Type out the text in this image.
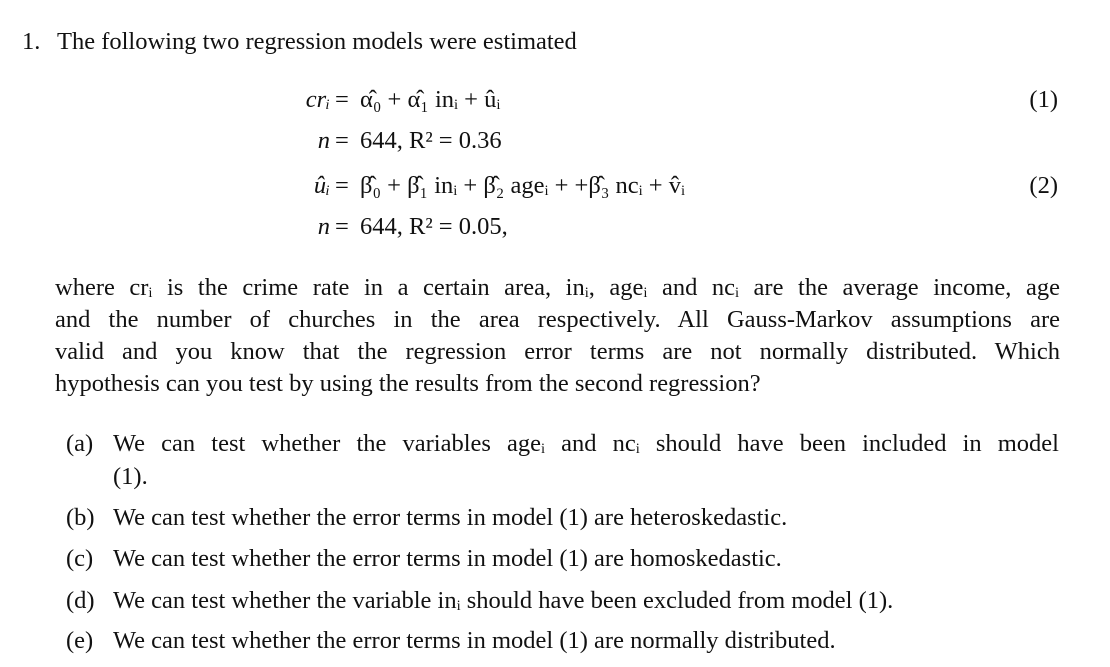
1. The following two regression models were estimated
crᵢ = α̂₀ + α̂₁ inᵢ + ûᵢ	(1)
n = 644, R² = 0.36
ûᵢ = β̂₀ + β̂₁ inᵢ + β̂₂ ageᵢ + +β̂₃ ncᵢ + v̂ᵢ	(2)
n = 644, R² = 0.05,
where crᵢ is the crime rate in a certain area, inᵢ, ageᵢ and ncᵢ are the average income, age
and the number of churches in the area respectively. All Gauss-Markov assumptions are
valid and you know that the regression error terms are not normally distributed. Which
hypothesis can you test by using the results from the second regression?
(a) We can test whether the variables ageᵢ and ncᵢ should have been included in model
(1).
(b) We can test whether the error terms in model (1) are heteroskedastic.
(c) We can test whether the error terms in model (1) are homoskedastic.
(d) We can test whether the variable inᵢ should have been excluded from model (1).
(e) We can test whether the error terms in model (1) are normally distributed.
